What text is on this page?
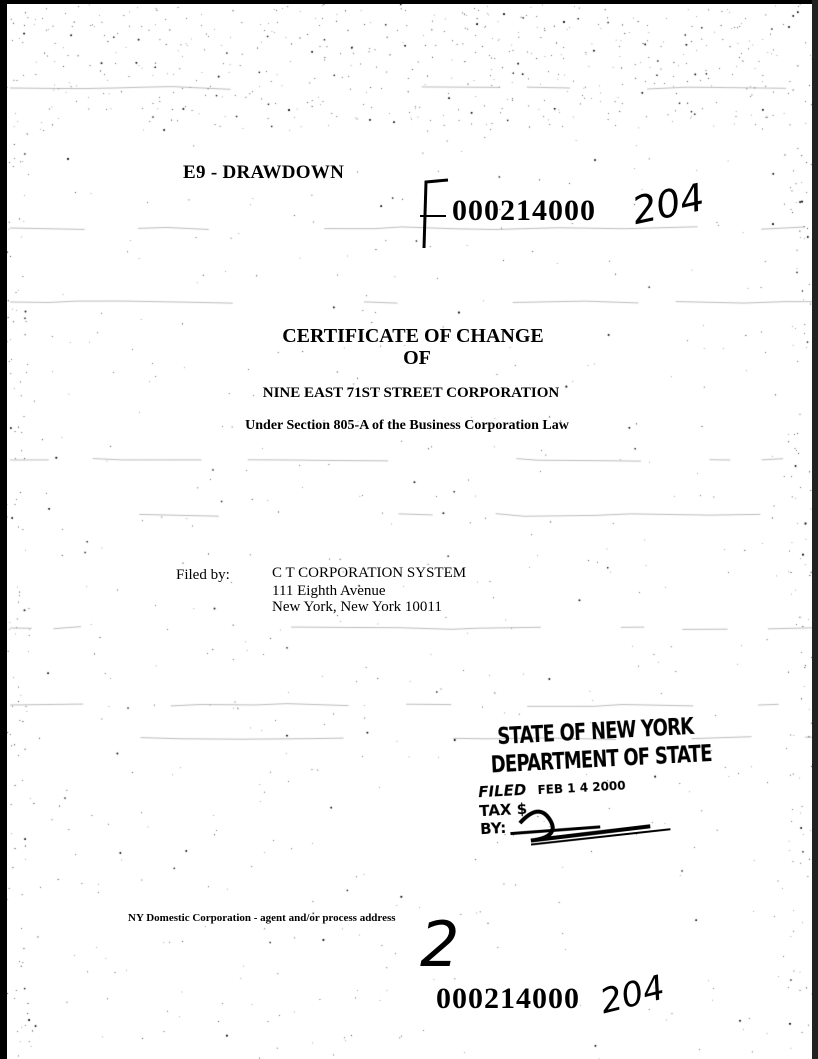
E9 - DRAWDOWN
000214000 204
CERTIFICATE OF CHANGE
OF
NINE EAST 71ST STREET CORPORATION
Under Section 805-A of the Business Corporation Law
Filed by:	C T CORPORATION SYSTEM
111 Eighth Avenue
New York, New York 10011
STATE OF NEW YORK
DEPARTMENT OF STATE
FILED FEB 1 4 2000
TAX $
BY:
NY Domestic Corporation - agent and/or process address 2
000214000 204
